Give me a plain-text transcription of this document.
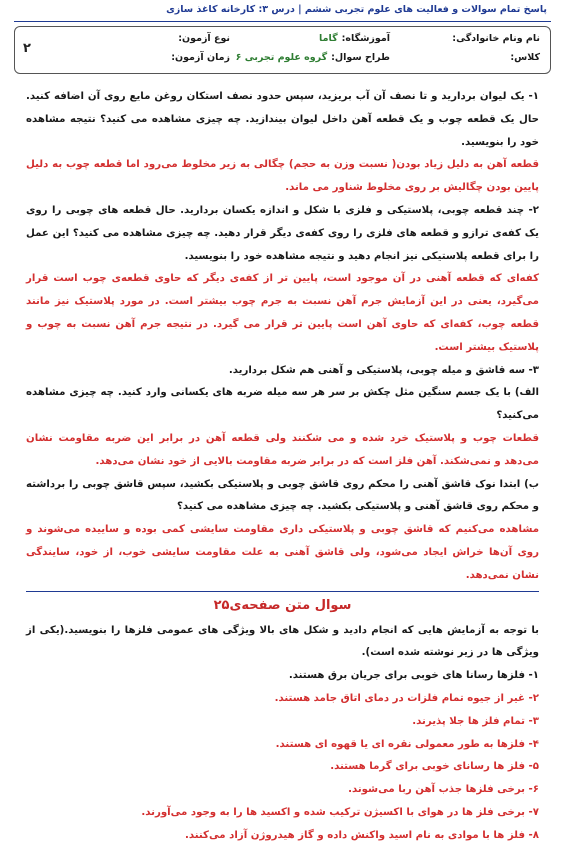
پاسخ تمام سوالات و فعالیت های علوم تجربی ششم | درس ۳: کارخانه کاغذ سازی
نام ونام خانوادگی:
آموزشگاه:
گاما
نوع آزمون:
کلاس:
طراح سوال:
گروه علوم تجربی ۶
زمان آزمون:
۲

۱- یک لیوان بردارید و تا نصف آن آب بریزید، سپس حدود نصف استکان روغن مایع روی آن اضافه کنید. حال یک قطعه چوب و یک قطعه آهن داخل لیوان بیندازید. چه چیزی مشاهده می کنید؟ نتیجه مشاهده خود را بنویسید.

قطعه آهن به دلیل زیاد بودن( نسبت وزن به حجم) چگالی به زیر مخلوط می‌رود اما قطعه چوب به دلیل پایین بودن چگالیش بر روی مخلوط شناور می ماند.

۲- چند قطعه چوبی، پلاستیکی و فلزی با شکل و اندازه یکسان بردارید. حال قطعه های چوبی را روی یک کفه‌ی ترازو و قطعه های فلزی را روی کفه‌ی دیگر قرار دهید. چه چیزی مشاهده می کنید؟ این عمل را برای قطعه پلاستیکی نیز انجام دهید و نتیجه مشاهده خود را بنویسید.

کفه‌ای که قطعه آهنی در آن موجود است، پایین تر از کفه‌ی دیگر که حاوی قطعه‌ی چوب است قرار می‌گیرد، یعنی در این آزمایش جرم آهن نسبت به جرم چوب بیشتر است. در مورد پلاستیک نیز مانند قطعه چوب، کفه‌ای که حاوی آهن است پایین تر قرار می گیرد. در نتیجه جرم آهن نسبت به چوب و پلاستیک بیشتر است.

۳- سه قاشق و میله چوبی، پلاستیکی و آهنی هم شکل بردارید.

الف) با یک جسم سنگین مثل چکش بر سر هر سه میله ضربه های یکسانی وارد کنید. چه چیزی مشاهده می‌کنید؟

قطعات چوب و پلاستیک خرد شده و می شکنند ولی قطعه آهن در برابر این ضربه مقاومت نشان می‌دهد و نمی‌شکند. آهن فلز است که در برابر ضربه مقاومت بالایی از خود نشان می‌دهد.

ب) ابتدا نوک قاشق آهنی را محکم روی قاشق چوبی و پلاستیکی بکشید، سپس قاشق چوبی را برداشته و محکم روی قاشق آهنی و پلاستیکی بکشید. چه چیزی مشاهده می کنید؟

مشاهده می‌کنیم که قاشق چوبی و پلاستیکی داری مقاومت سایشی کمی بوده و ساییده می‌شوند و روی آن‌ها خراش ایجاد می‌شود، ولی قاشق آهنی به علت مقاومت سایشی خوب، از خود، سایندگی نشان نمی‌دهد.

سوال متن صفحه‌ی۲۵

با توجه به آزمایش هایی که انجام دادید و شکل های بالا ویژگی های عمومی فلزها را بنویسید.(یکی از ویژگی ها در زیر نوشته شده است).

۱- فلزها رسانا های خوبی برای جریان برق هستند.

۲- غیر از جیوه تمام فلزات در دمای اتاق جامد هستند.

۳- تمام فلز ها جلا پذیرند.

۴- فلزها به طور معمولی نقره ای یا قهوه ای هستند.

۵- فلز ها رسانای خوبی برای گرما هستند.

۶- برخی فلزها جذب آهن ربا می‌شوند.

۷- برخی فلز ها در هوای با اکسیژن ترکیب شده و اکسید ها را به وجود می‌آورند.

۸- فلز ها با موادی به نام اسید واکنش داده و گاز هیدروژن آزاد می‌کنند.
